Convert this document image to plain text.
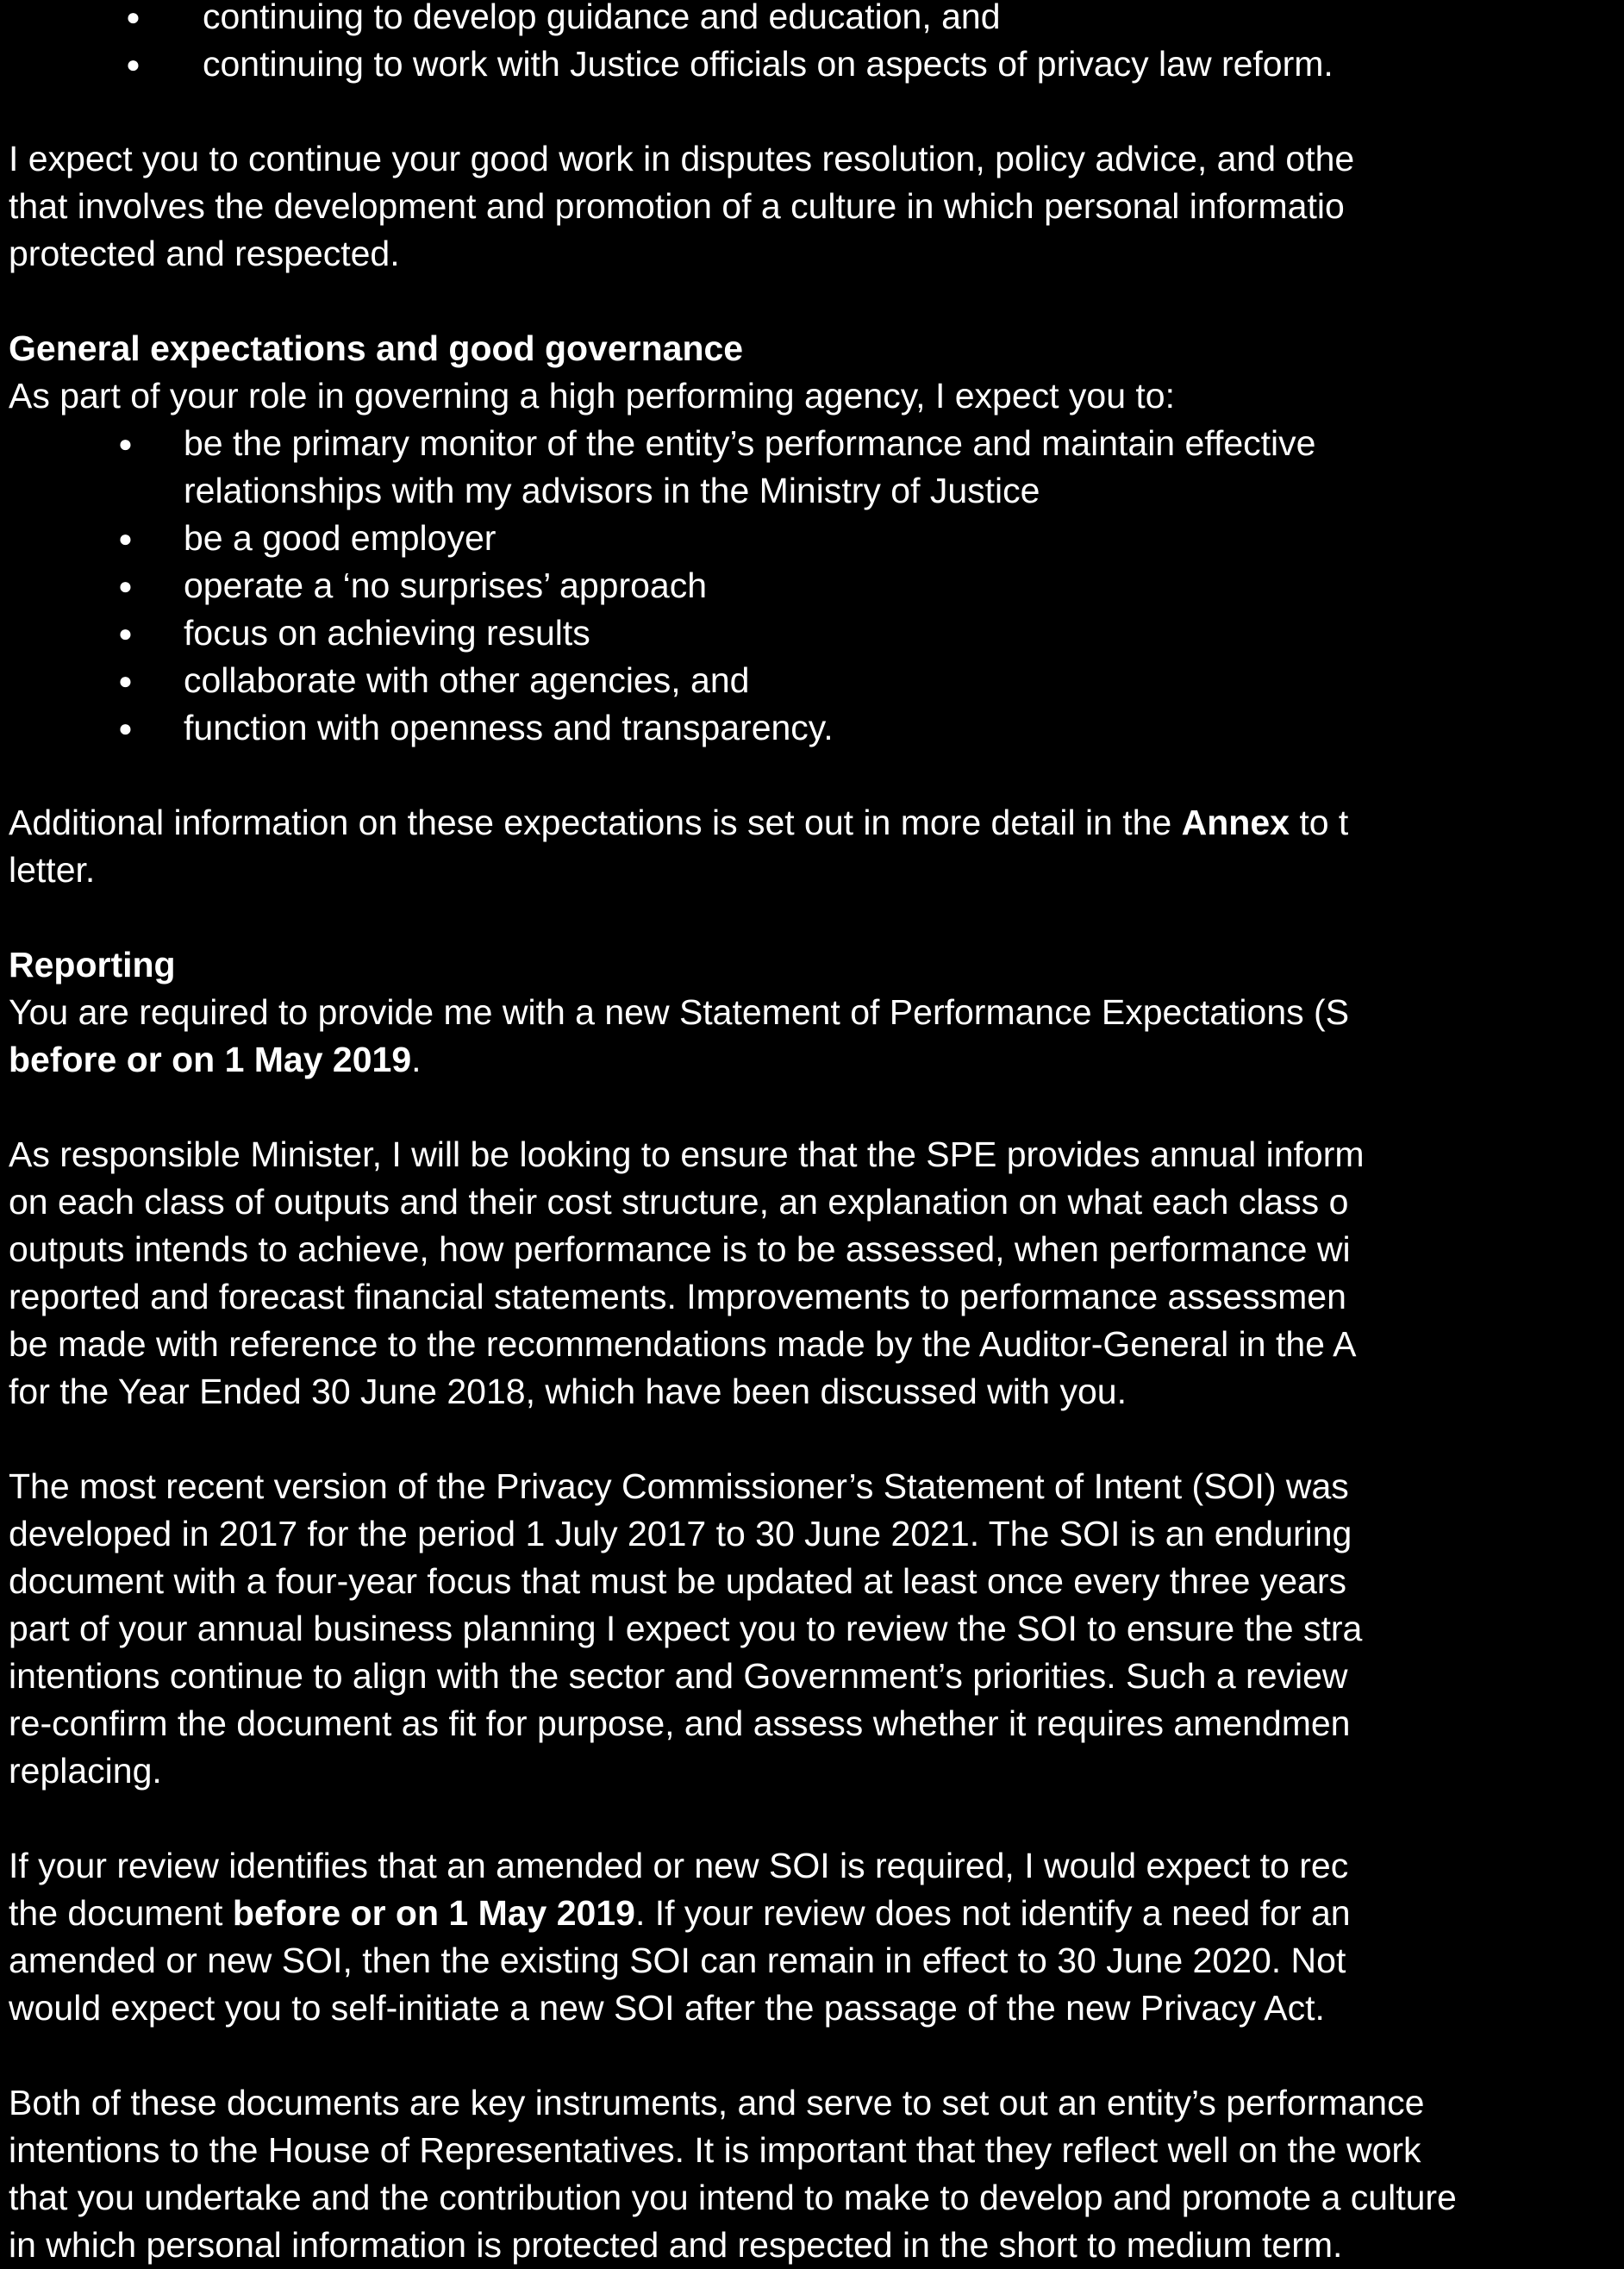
● continuing to develop guidance and education, and
● continuing to work with Justice officials on aspects of privacy law reform.

I expect you to continue your good work in disputes resolution, policy advice, and othe
that involves the development and promotion of a culture in which personal informatio
protected and respected.

General expectations and good governance

As part of your role in governing a high performing agency, I expect you to:

● be the primary monitor of the entity’s performance and maintain effective
relationships with my advisors in the Ministry of Justice
● be a good employer
● operate a ‘no surprises’ approach
● focus on achieving results
● collaborate with other agencies, and
● function with openness and transparency.

Additional information on these expectations is set out in more detail in the Annex to t
letter.

Reporting

You are required to provide me with a new Statement of Performance Expectations (S
before or on 1 May 2019.

As responsible Minister, I will be looking to ensure that the SPE provides annual inform
on each class of outputs and their cost structure, an explanation on what each class o
outputs intends to achieve, how performance is to be assessed, when performance wi
reported and forecast financial statements. Improvements to performance assessmen
be made with reference to the recommendations made by the Auditor-General in the A
for the Year Ended 30 June 2018, which have been discussed with you.

The most recent version of the Privacy Commissioner’s Statement of Intent (SOI) was
developed in 2017 for the period 1 July 2017 to 30 June 2021. The SOI is an enduring
document with a four-year focus that must be updated at least once every three years
part of your annual business planning I expect you to review the SOI to ensure the stra
intentions continue to align with the sector and Government’s priorities. Such a review
re-confirm the document as fit for purpose, and assess whether it requires amendmen
replacing.

If your review identifies that an amended or new SOI is required, I would expect to rec
the document before or on 1 May 2019. If your review does not identify a need for an
amended or new SOI, then the existing SOI can remain in effect to 30 June 2020. Not
would expect you to self-initiate a new SOI after the passage of the new Privacy Act.

Both of these documents are key instruments, and serve to set out an entity’s performance
intentions to the House of Representatives. It is important that they reflect well on the work
that you undertake and the contribution you intend to make to develop and promote a culture
in which personal information is protected and respected in the short to medium term.
